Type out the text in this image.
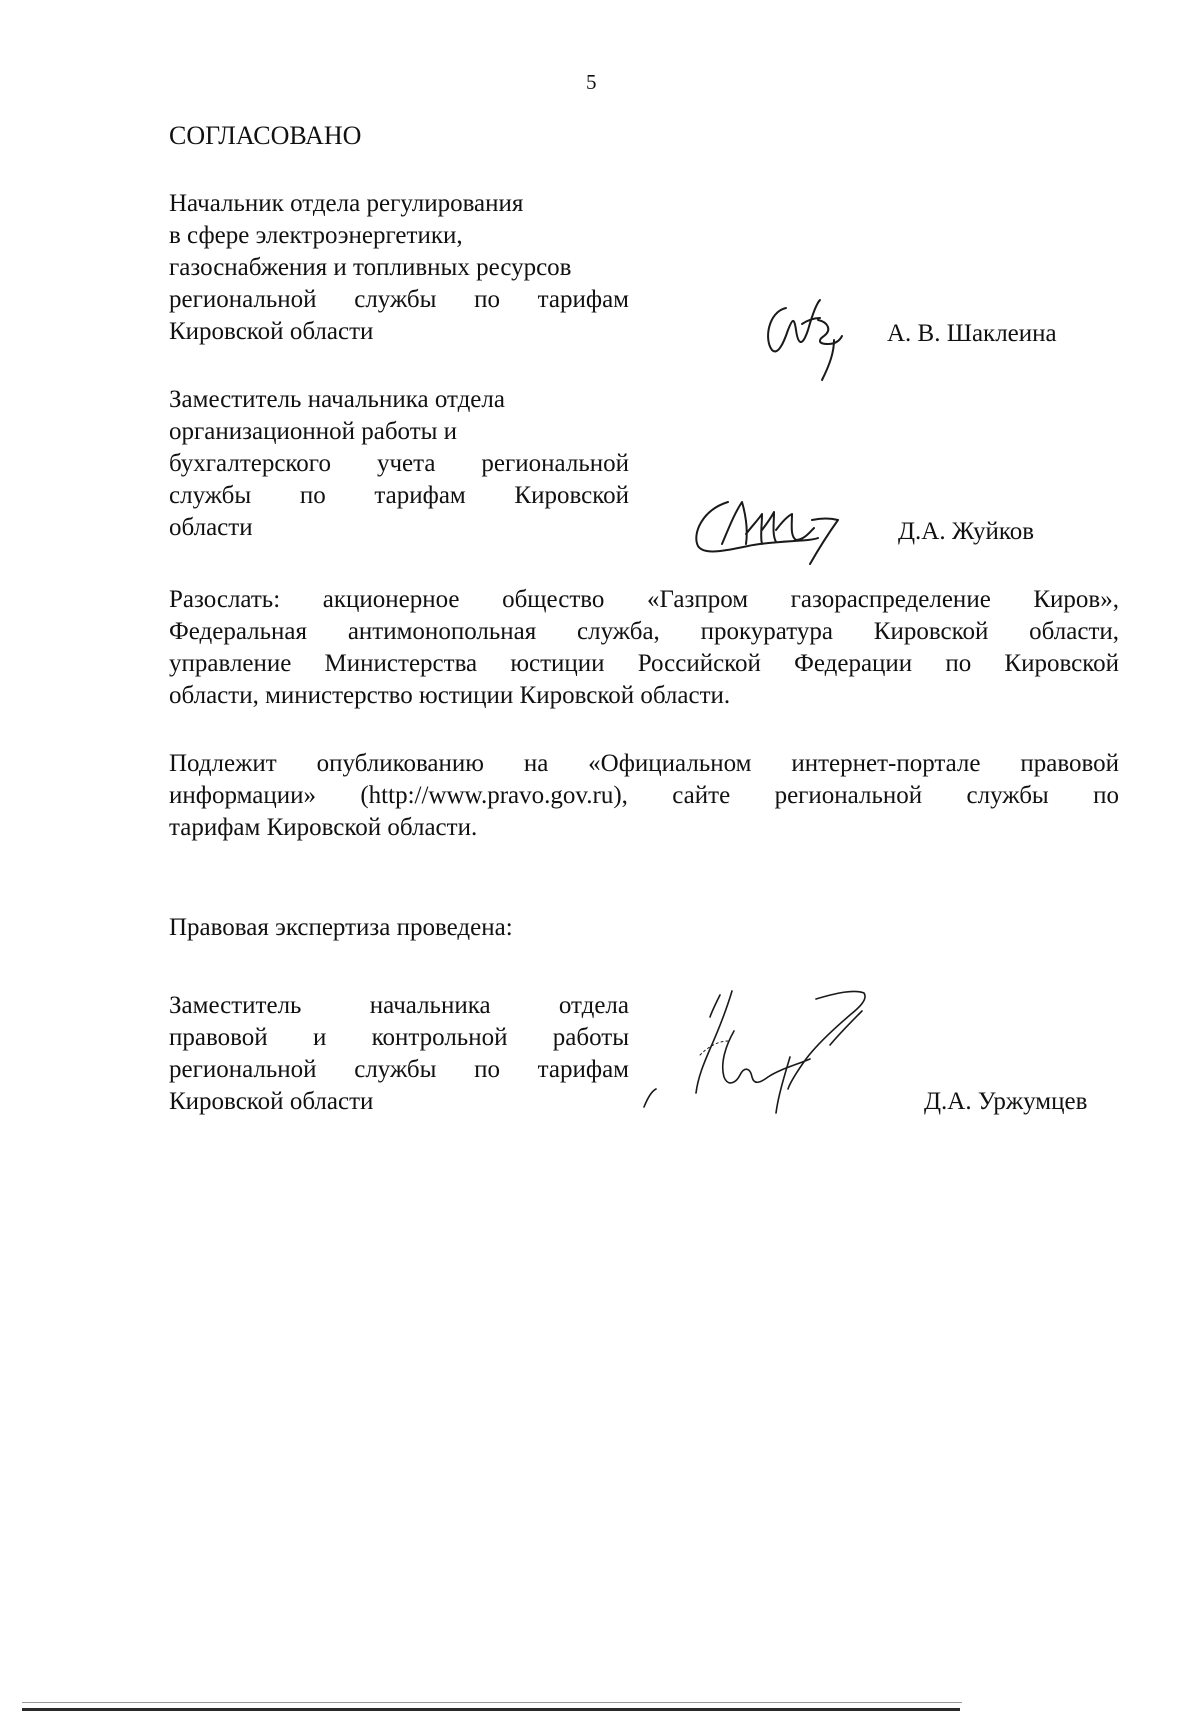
5
СОГЛАСОВАНО
Начальник отдела регулирования
в сфере электроэнергетики,
газоснабжения и топливных ресурсов
региональной службы по тарифам
Кировской области	А. В. Шаклеина
Заместитель начальника отдела
организационной работы и
бухгалтерского учета региональной
службы по тарифам Кировской
области	Д.А. Жуйков
Разослать: акционерное общество «Газпром газораспределение Киров»,
Федеральная антимонопольная служба, прокуратура Кировской области,
управление Министерства юстиции Российской Федерации по Кировской
области, министерство юстиции Кировской области.
Подлежит опубликованию на «Официальном интернет-портале правовой
информации» (http://www.pravo.gov.ru), сайте региональной службы по
тарифам Кировской области.
Правовая экспертиза проведена:
Заместитель начальника отдела
правовой и контрольной работы
региональной службы по тарифам
Кировской области	Д.А. Уржумцев
